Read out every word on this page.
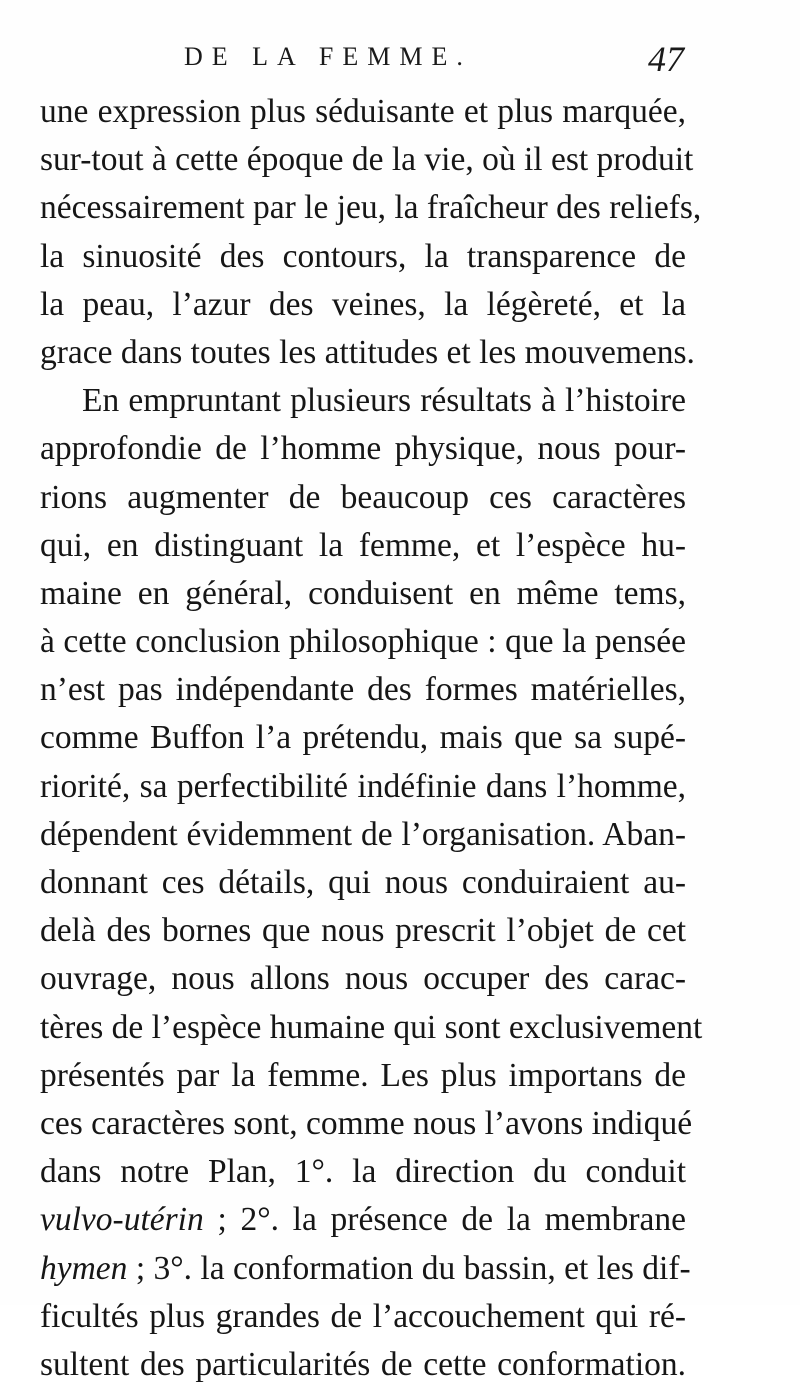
DE LA FEMME.	47
une expression plus séduisante et plus marquée,
sur-tout à cette époque de la vie, où il est produit
nécessairement par le jeu, la fraîcheur des reliefs,
la sinuosité des contours, la transparence de
la peau, l’azur des veines, la légèreté, et la
grace dans toutes les attitudes et les mouvemens.
En empruntant plusieurs résultats à l’histoire
approfondie de l’homme physique, nous pour-
rions augmenter de beaucoup ces caractères
qui, en distinguant la femme, et l’espèce hu-
maine en général, conduisent en même tems,
à cette conclusion philosophique : que la pensée
n’est pas indépendante des formes matérielles,
comme Buffon l’a prétendu, mais que sa supé-
riorité, sa perfectibilité indéfinie dans l’homme,
dépendent évidemment de l’organisation. Aban-
donnant ces détails, qui nous conduiraient au-
delà des bornes que nous prescrit l’objet de cet
ouvrage, nous allons nous occuper des carac-
tères de l’espèce humaine qui sont exclusivement
présentés par la femme. Les plus importans de
ces caractères sont, comme nous l’avons indiqué
dans notre Plan, 1°. la direction du conduit
vulvo-utérin ; 2°. la présence de la membrane
hymen ; 3°. la conformation du bassin, et les dif-
ficultés plus grandes de l’accouchement qui ré-
sultent des particularités de cette conformation.
